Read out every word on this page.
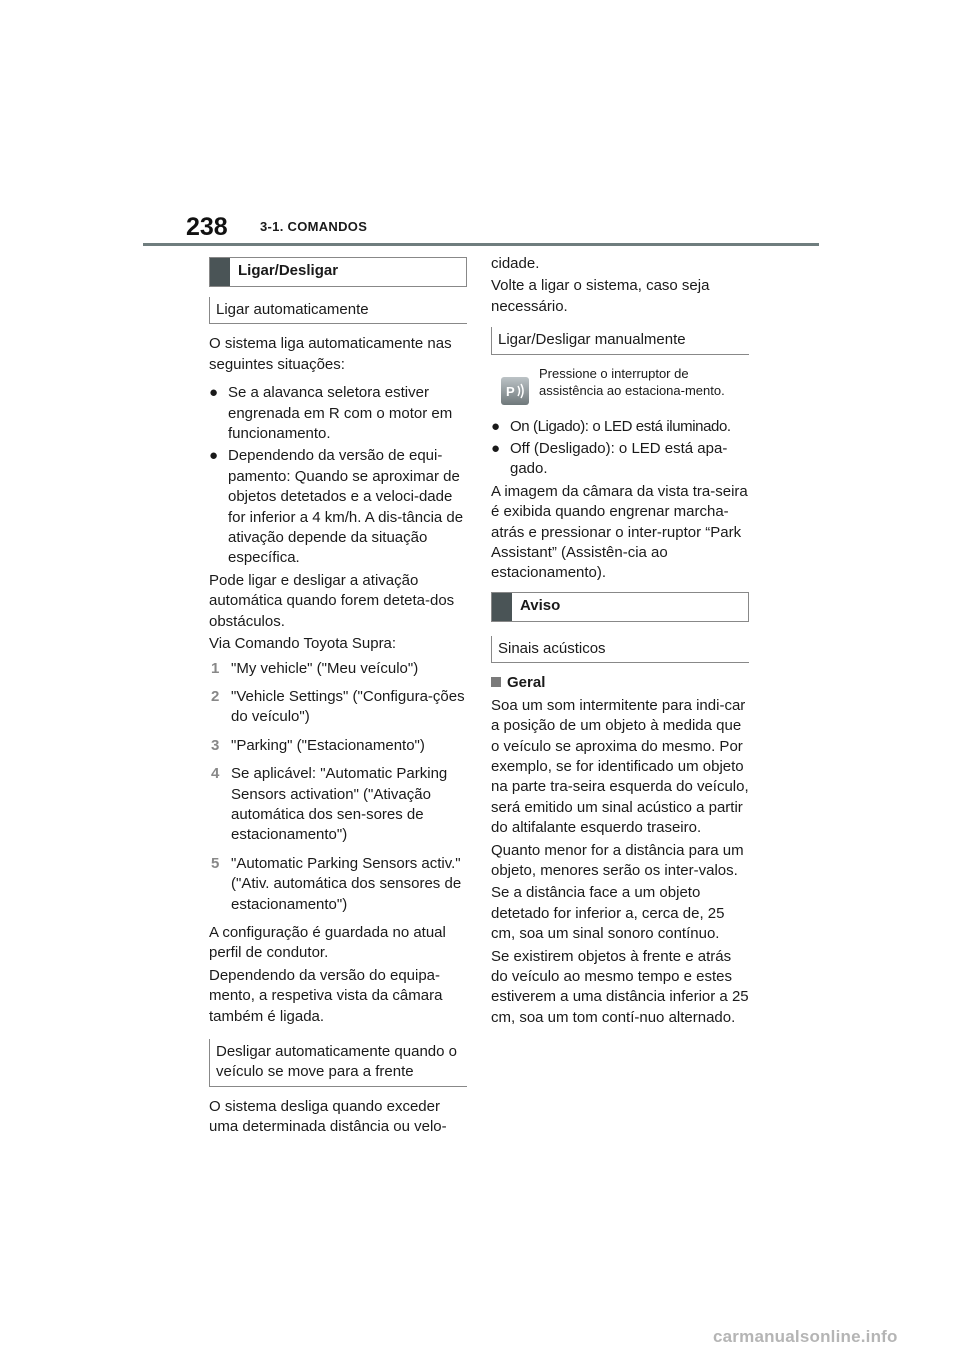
238 3-1. COMANDOS
Ligar/Desligar
Ligar automaticamente

O sistema liga automaticamente nas seguintes situações:

● Se a alavanca seletora estiver engrenada em R com o motor em funcionamento.
● Dependendo da versão de equi-pamento: Quando se aproximar de objetos detetados e a veloci-dade for inferior a 4 km/h. A dis-tância de ativação depende da situação específica.

Pode ligar e desligar a ativação automática quando forem deteta-dos obstáculos.

Via Comando Toyota Supra:

1 "My vehicle" ("Meu veículo")
2 "Vehicle Settings" ("Configura-ções do veículo")
3 "Parking" ("Estacionamento")
4 Se aplicável: "Automatic Parking Sensors activation" ("Ativação automática dos sen-sores de estacionamento")
5 "Automatic Parking Sensors activ." ("Ativ. automática dos sensores de estacionamento")

A configuração é guardada no atual perfil de condutor.

Dependendo da versão do equipa-mento, a respetiva vista da câmara também é ligada.

Desligar automaticamente quando o veículo se move para a frente

O sistema desliga quando exceder uma determinada distância ou velo-

cidade.

Volte a ligar o sistema, caso seja necessário.

Ligar/Desligar manualmente
P
Pressione o interruptor de assistência ao estaciona-mento.
● On (Ligado): o LED está iluminado.
● Off (Desligado): o LED está apa-gado.

A imagem da câmara da vista tra-seira é exibida quando engrenar marcha-atrás e pressionar o inter-ruptor “Park Assistant” (Assistên-cia ao estacionamento).

Aviso
Sinais acústicos

Geral

Soa um som intermitente para indi-car a posição de um objeto à medida que o veículo se aproxima do mesmo. Por exemplo, se for identificado um objeto na parte tra-seira esquerda do veículo, será emitido um sinal acústico a partir do altifalante esquerdo traseiro.

Quanto menor for a distância para um objeto, menores serão os inter-valos.

Se a distância face a um objeto detetado for inferior a, cerca de, 25 cm, soa um sinal sonoro contínuo.

Se existirem objetos à frente e atrás do veículo ao mesmo tempo e estes estiverem a uma distância inferior a 25 cm, soa um tom contí-nuo alternado.

carmanualsonline.info
